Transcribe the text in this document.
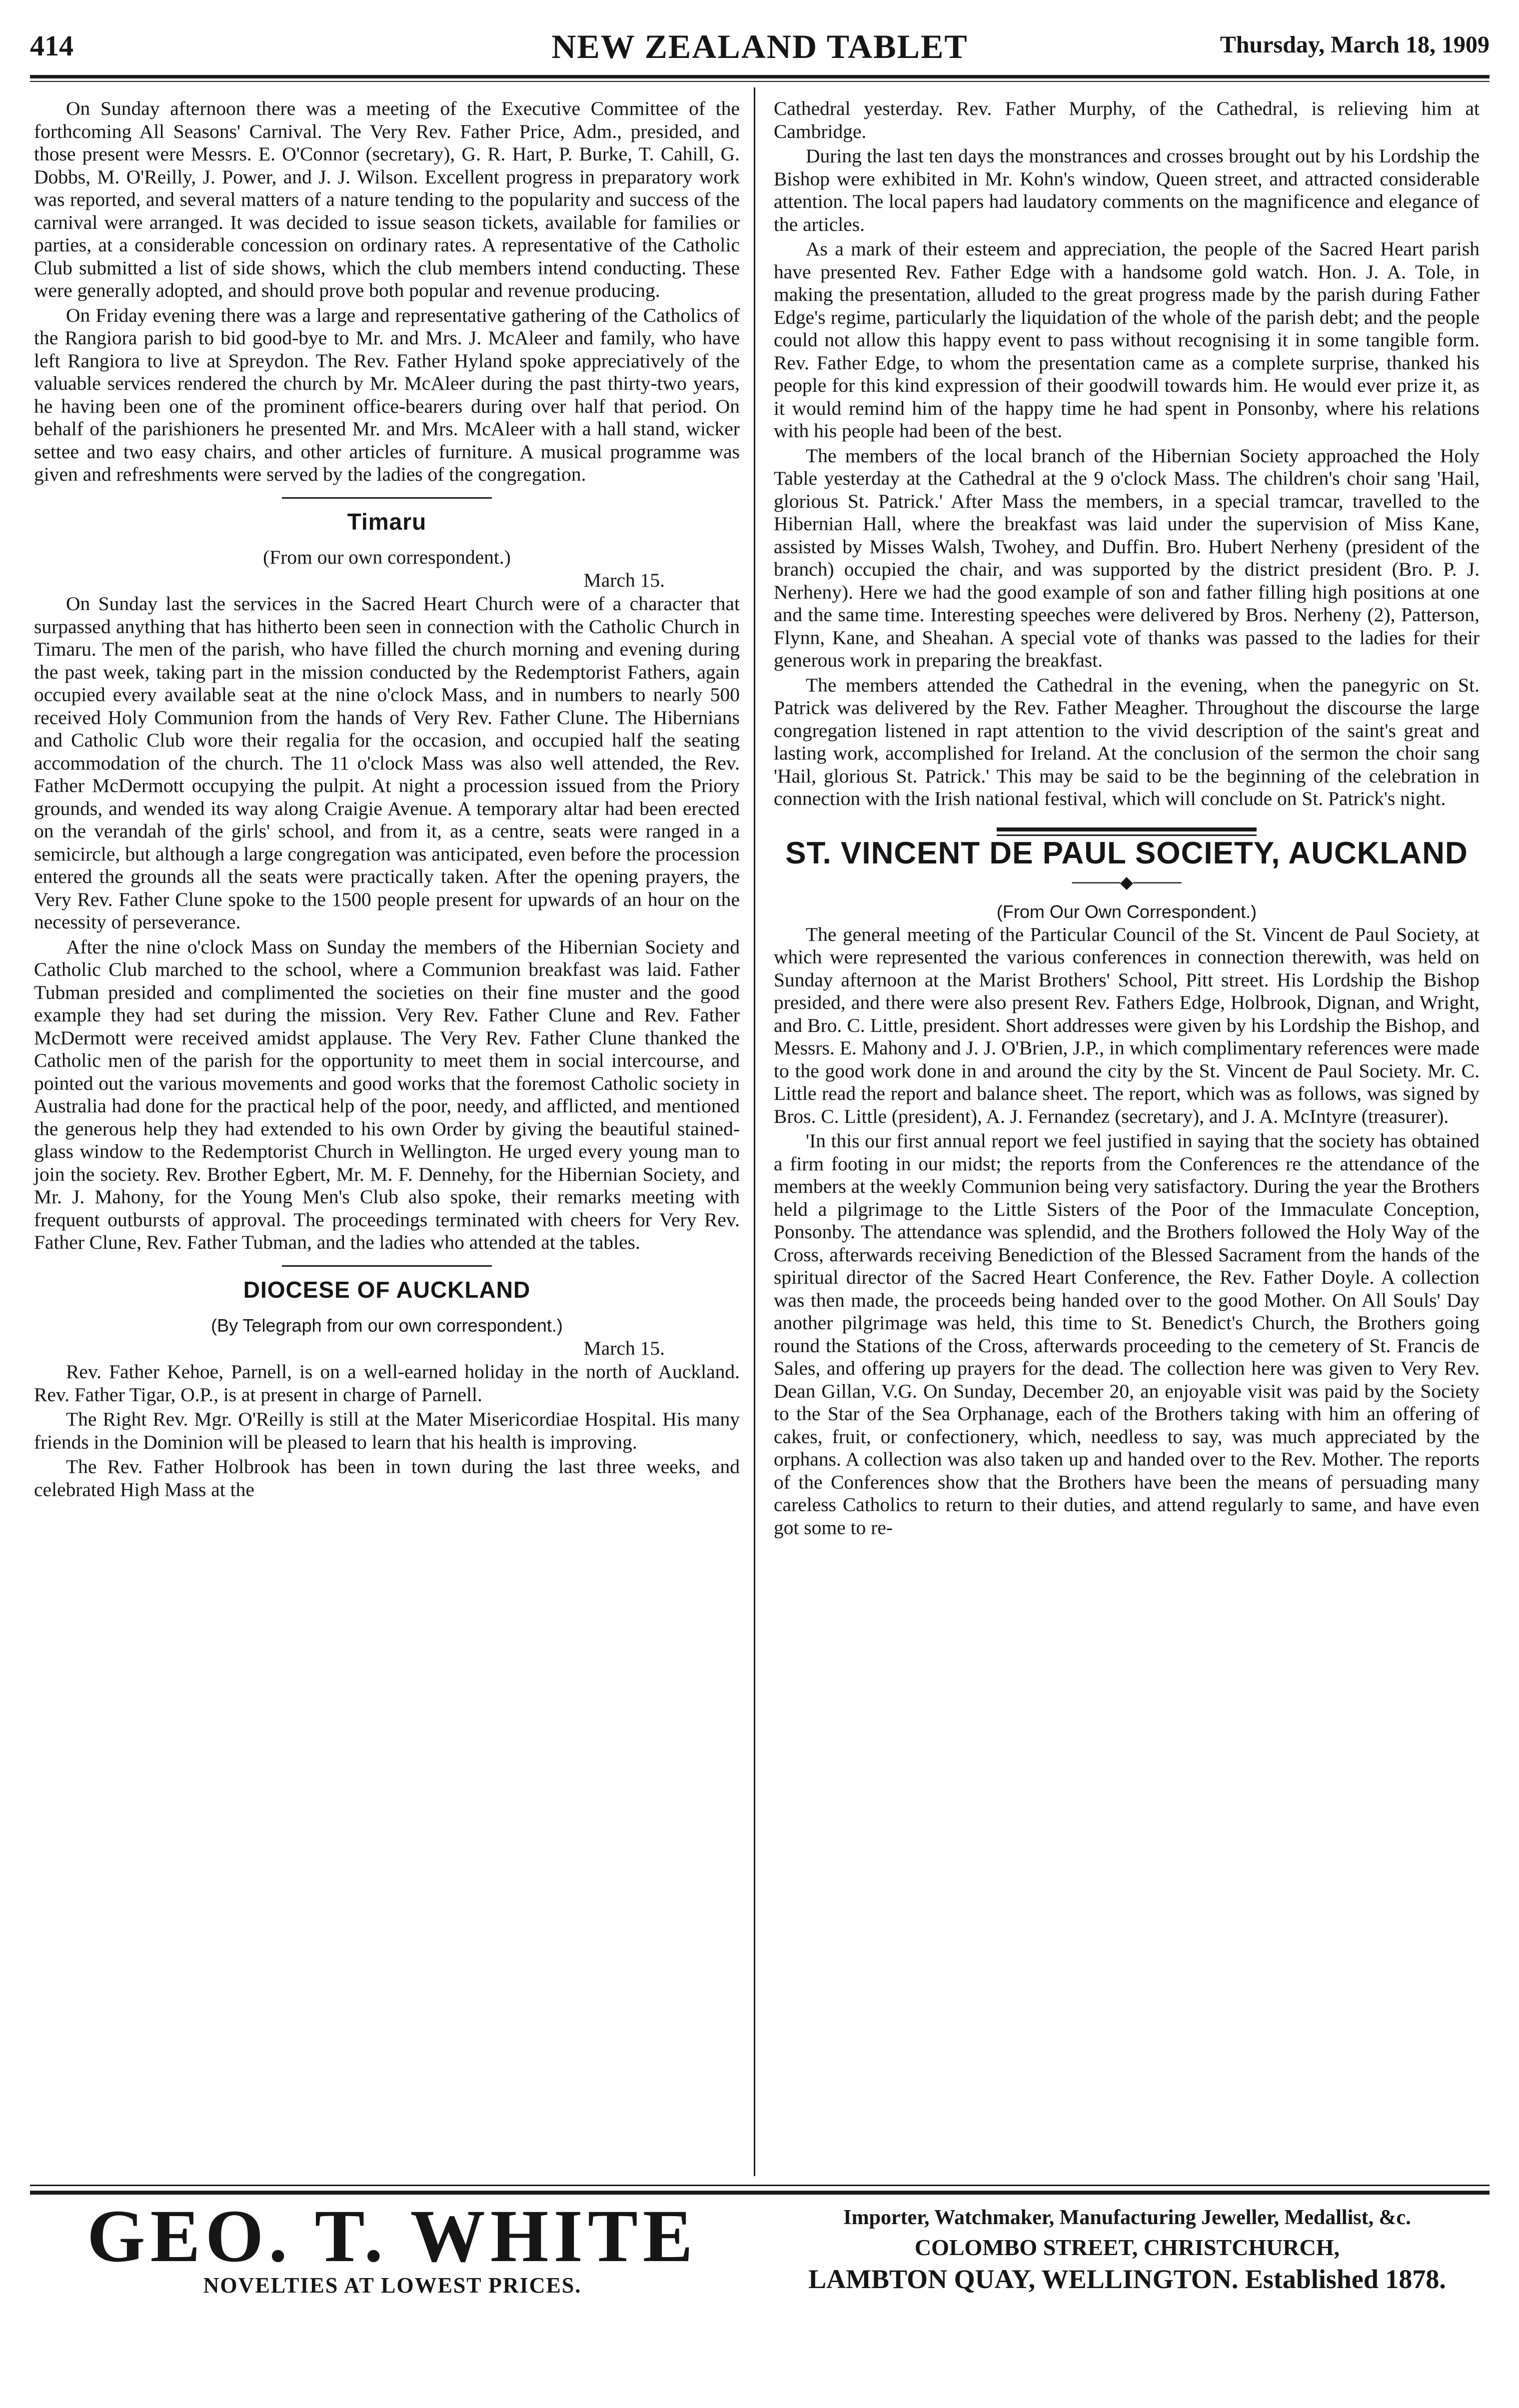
414	NEW ZEALAND TABLET	Thursday, March 18, 1909

On Sunday afternoon there was a meeting of the Executive Committee of the forthcoming All Seasons' Carnival. The Very Rev. Father Price, Adm., presided, and those present were Messrs. E. O'Connor (secretary), G. R. Hart, P. Burke, T. Cahill, G. Dobbs, M. O'Reilly, J. Power, and J. J. Wilson. Excellent progress in preparatory work was reported, and several matters of a nature tending to the popularity and success of the carnival were arranged. It was decided to issue season tickets, available for families or parties, at a considerable concession on ordinary rates. A representative of the Catholic Club submitted a list of side shows, which the club members intend conducting. These were generally adopted, and should prove both popular and revenue producing.

On Friday evening there was a large and representative gathering of the Catholics of the Rangiora parish to bid good-bye to Mr. and Mrs. J. McAleer and family, who have left Rangiora to live at Spreydon. The Rev. Father Hyland spoke appreciatively of the valuable services rendered the church by Mr. McAleer during the past thirty-two years, he having been one of the prominent office-bearers during over half that period. On behalf of the parishioners he presented Mr. and Mrs. McAleer with a hall stand, wicker settee and two easy chairs, and other articles of furniture. A musical programme was given and refreshments were served by the ladies of the congregation.

Timaru
(From our own correspondent.)
March 15.

On Sunday last the services in the Sacred Heart Church were of a character that surpassed anything that has hitherto been seen in connection with the Catholic Church in Timaru. The men of the parish, who have filled the church morning and evening during the past week, taking part in the mission conducted by the Redemptorist Fathers, again occupied every available seat at the nine o'clock Mass, and in numbers to nearly 500 received Holy Communion from the hands of Very Rev. Father Clune. The Hibernians and Catholic Club wore their regalia for the occasion, and occupied half the seating accommodation of the church. The 11 o'clock Mass was also well attended, the Rev. Father McDermott occupying the pulpit. At night a procession issued from the Priory grounds, and wended its way along Craigie Avenue. A temporary altar had been erected on the verandah of the girls' school, and from it, as a centre, seats were ranged in a semicircle, but although a large congregation was anticipated, even before the procession entered the grounds all the seats were practically taken. After the opening prayers, the Very Rev. Father Clune spoke to the 1500 people present for upwards of an hour on the necessity of perseverance.

After the nine o'clock Mass on Sunday the members of the Hibernian Society and Catholic Club marched to the school, where a Communion breakfast was laid. Father Tubman presided and complimented the societies on their fine muster and the good example they had set during the mission. Very Rev. Father Clune and Rev. Father McDermott were received amidst applause. The Very Rev. Father Clune thanked the Catholic men of the parish for the opportunity to meet them in social intercourse, and pointed out the various movements and good works that the foremost Catholic society in Australia had done for the practical help of the poor, needy, and afflicted, and mentioned the generous help they had extended to his own Order by giving the beautiful stained-glass window to the Redemptorist Church in Wellington. He urged every young man to join the society. Rev. Brother Egbert, Mr. M. F. Dennehy, for the Hibernian Society, and Mr. J. Mahony, for the Young Men's Club also spoke, their remarks meeting with frequent outbursts of approval. The proceedings terminated with cheers for Very Rev. Father Clune, Rev. Father Tubman, and the ladies who attended at the tables.

DIOCESE OF AUCKLAND
(By Telegraph from our own correspondent.)
March 15.

Rev. Father Kehoe, Parnell, is on a well-earned holiday in the north of Auckland. Rev. Father Tigar, O.P., is at present in charge of Parnell.

The Right Rev. Mgr. O'Reilly is still at the Mater Misericordiae Hospital. His many friends in the Dominion will be pleased to learn that his health is improving.

The Rev. Father Holbrook has been in town during the last three weeks, and celebrated High Mass at the

Cathedral yesterday. Rev. Father Murphy, of the Cathedral, is relieving him at Cambridge.

During the last ten days the monstrances and crosses brought out by his Lordship the Bishop were exhibited in Mr. Kohn's window, Queen street, and attracted considerable attention. The local papers had laudatory comments on the magnificence and elegance of the articles.

As a mark of their esteem and appreciation, the people of the Sacred Heart parish have presented Rev. Father Edge with a handsome gold watch. Hon. J. A. Tole, in making the presentation, alluded to the great progress made by the parish during Father Edge's regime, particularly the liquidation of the whole of the parish debt; and the people could not allow this happy event to pass without recognising it in some tangible form. Rev. Father Edge, to whom the presentation came as a complete surprise, thanked his people for this kind expression of their goodwill towards him. He would ever prize it, as it would remind him of the happy time he had spent in Ponsonby, where his relations with his people had been of the best.

The members of the local branch of the Hibernian Society approached the Holy Table yesterday at the Cathedral at the 9 o'clock Mass. The children's choir sang 'Hail, glorious St. Patrick.' After Mass the members, in a special tramcar, travelled to the Hibernian Hall, where the breakfast was laid under the supervision of Miss Kane, assisted by Misses Walsh, Twohey, and Duffin. Bro. Hubert Nerheny (president of the branch) occupied the chair, and was supported by the district president (Bro. P. J. Nerheny). Here we had the good example of son and father filling high positions at one and the same time. Interesting speeches were delivered by Bros. Nerheny (2), Patterson, Flynn, Kane, and Sheahan. A special vote of thanks was passed to the ladies for their generous work in preparing the breakfast.

The members attended the Cathedral in the evening, when the panegyric on St. Patrick was delivered by the Rev. Father Meagher. Throughout the discourse the large congregation listened in rapt attention to the vivid description of the saint's great and lasting work, accomplished for Ireland. At the conclusion of the sermon the choir sang 'Hail, glorious St. Patrick.' This may be said to be the beginning of the celebration in connection with the Irish national festival, which will conclude on St. Patrick's night.

ST. VINCENT DE PAUL SOCIETY, AUCKLAND
────◆────
(From Our Own Correspondent.)

The general meeting of the Particular Council of the St. Vincent de Paul Society, at which were represented the various conferences in connection therewith, was held on Sunday afternoon at the Marist Brothers' School, Pitt street. His Lordship the Bishop presided, and there were also present Rev. Fathers Edge, Holbrook, Dignan, and Wright, and Bro. C. Little, president. Short addresses were given by his Lordship the Bishop, and Messrs. E. Mahony and J. J. O'Brien, J.P., in which complimentary references were made to the good work done in and around the city by the St. Vincent de Paul Society. Mr. C. Little read the report and balance sheet. The report, which was as follows, was signed by Bros. C. Little (president), A. J. Fernandez (secretary), and J. A. McIntyre (treasurer).

'In this our first annual report we feel justified in saying that the society has obtained a firm footing in our midst; the reports from the Conferences re the attendance of the members at the weekly Communion being very satisfactory. During the year the Brothers held a pilgrimage to the Little Sisters of the Poor of the Immaculate Conception, Ponsonby. The attendance was splendid, and the Brothers followed the Holy Way of the Cross, afterwards receiving Benediction of the Blessed Sacrament from the hands of the spiritual director of the Sacred Heart Conference, the Rev. Father Doyle. A collection was then made, the proceeds being handed over to the good Mother. On All Souls' Day another pilgrimage was held, this time to St. Benedict's Church, the Brothers going round the Stations of the Cross, afterwards proceeding to the cemetery of St. Francis de Sales, and offering up prayers for the dead. The collection here was given to Very Rev. Dean Gillan, V.G. On Sunday, December 20, an enjoyable visit was paid by the Society to the Star of the Sea Orphanage, each of the Brothers taking with him an offering of cakes, fruit, or confectionery, which, needless to say, was much appreciated by the orphans. A collection was also taken up and handed over to the Rev. Mother. The reports of the Conferences show that the Brothers have been the means of persuading many careless Catholics to return to their duties, and attend regularly to same, and have even got some to re-

GEO. T. WHITE
NOVELTIES AT LOWEST PRICES.
Importer, Watchmaker, Manufacturing Jeweller, Medallist, &c.
COLOMBO STREET, CHRISTCHURCH,
LAMBTON QUAY, WELLINGTON. Established 1878.
